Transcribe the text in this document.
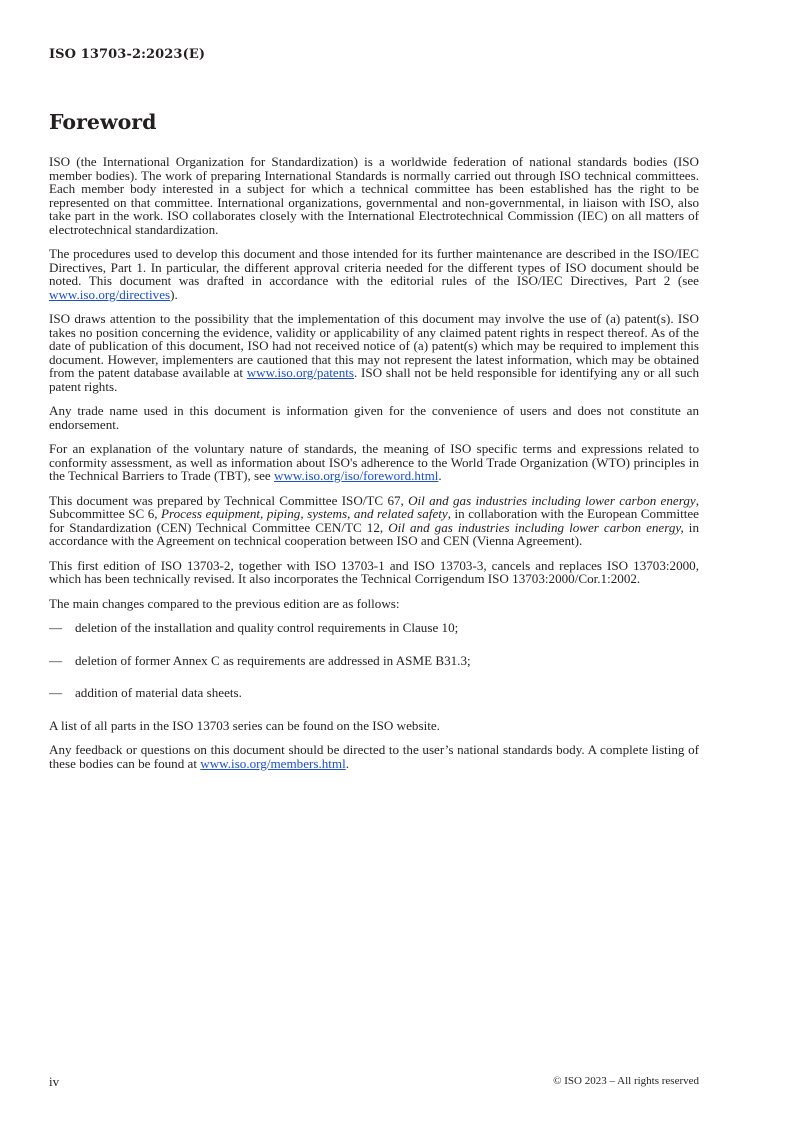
ISO 13703-2:2023(E)
Foreword

ISO (the International Organization for Standardization) is a worldwide federation of national standards bodies (ISO member bodies). The work of preparing International Standards is normally carried out through ISO technical committees. Each member body interested in a subject for which a technical committee has been established has the right to be represented on that committee. International organizations, governmental and non-governmental, in liaison with ISO, also take part in the work. ISO collaborates closely with the International Electrotechnical Commission (IEC) on all matters of electrotechnical standardization.

The procedures used to develop this document and those intended for its further maintenance are described in the ISO/IEC Directives, Part 1. In particular, the different approval criteria needed for the different types of ISO document should be noted. This document was drafted in accordance with the editorial rules of the ISO/IEC Directives, Part 2 (see www.iso.org/directives).

ISO draws attention to the possibility that the implementation of this document may involve the use of (a) patent(s). ISO takes no position concerning the evidence, validity or applicability of any claimed patent rights in respect thereof. As of the date of publication of this document, ISO had not received notice of (a) patent(s) which may be required to implement this document. However, implementers are cautioned that this may not represent the latest information, which may be obtained from the patent database available at www.iso.org/patents. ISO shall not be held responsible for identifying any or all such patent rights.

Any trade name used in this document is information given for the convenience of users and does not constitute an endorsement.

For an explanation of the voluntary nature of standards, the meaning of ISO specific terms and expressions related to conformity assessment, as well as information about ISO's adherence to the World Trade Organization (WTO) principles in the Technical Barriers to Trade (TBT), see www.iso.org/iso/foreword.html.

This document was prepared by Technical Committee ISO/TC 67, Oil and gas industries including lower carbon energy, Subcommittee SC 6, Process equipment, piping, systems, and related safety, in collaboration with the European Committee for Standardization (CEN) Technical Committee CEN/TC 12, Oil and gas industries including lower carbon energy, in accordance with the Agreement on technical cooperation between ISO and CEN (Vienna Agreement).

This first edition of ISO 13703-2, together with ISO 13703-1 and ISO 13703-3, cancels and replaces ISO 13703:2000, which has been technically revised. It also incorporates the Technical Corrigendum ISO 13703:2000/Cor.1:2002.

The main changes compared to the previous edition are as follows:

— deletion of the installation and quality control requirements in Clause 10;
— deletion of former Annex C as requirements are addressed in ASME B31.3;
— addition of material data sheets.

A list of all parts in the ISO 13703 series can be found on the ISO website.

Any feedback or questions on this document should be directed to the user’s national standards body. A complete listing of these bodies can be found at www.iso.org/members.html.

iv	© ISO 2023 – All rights reserved
